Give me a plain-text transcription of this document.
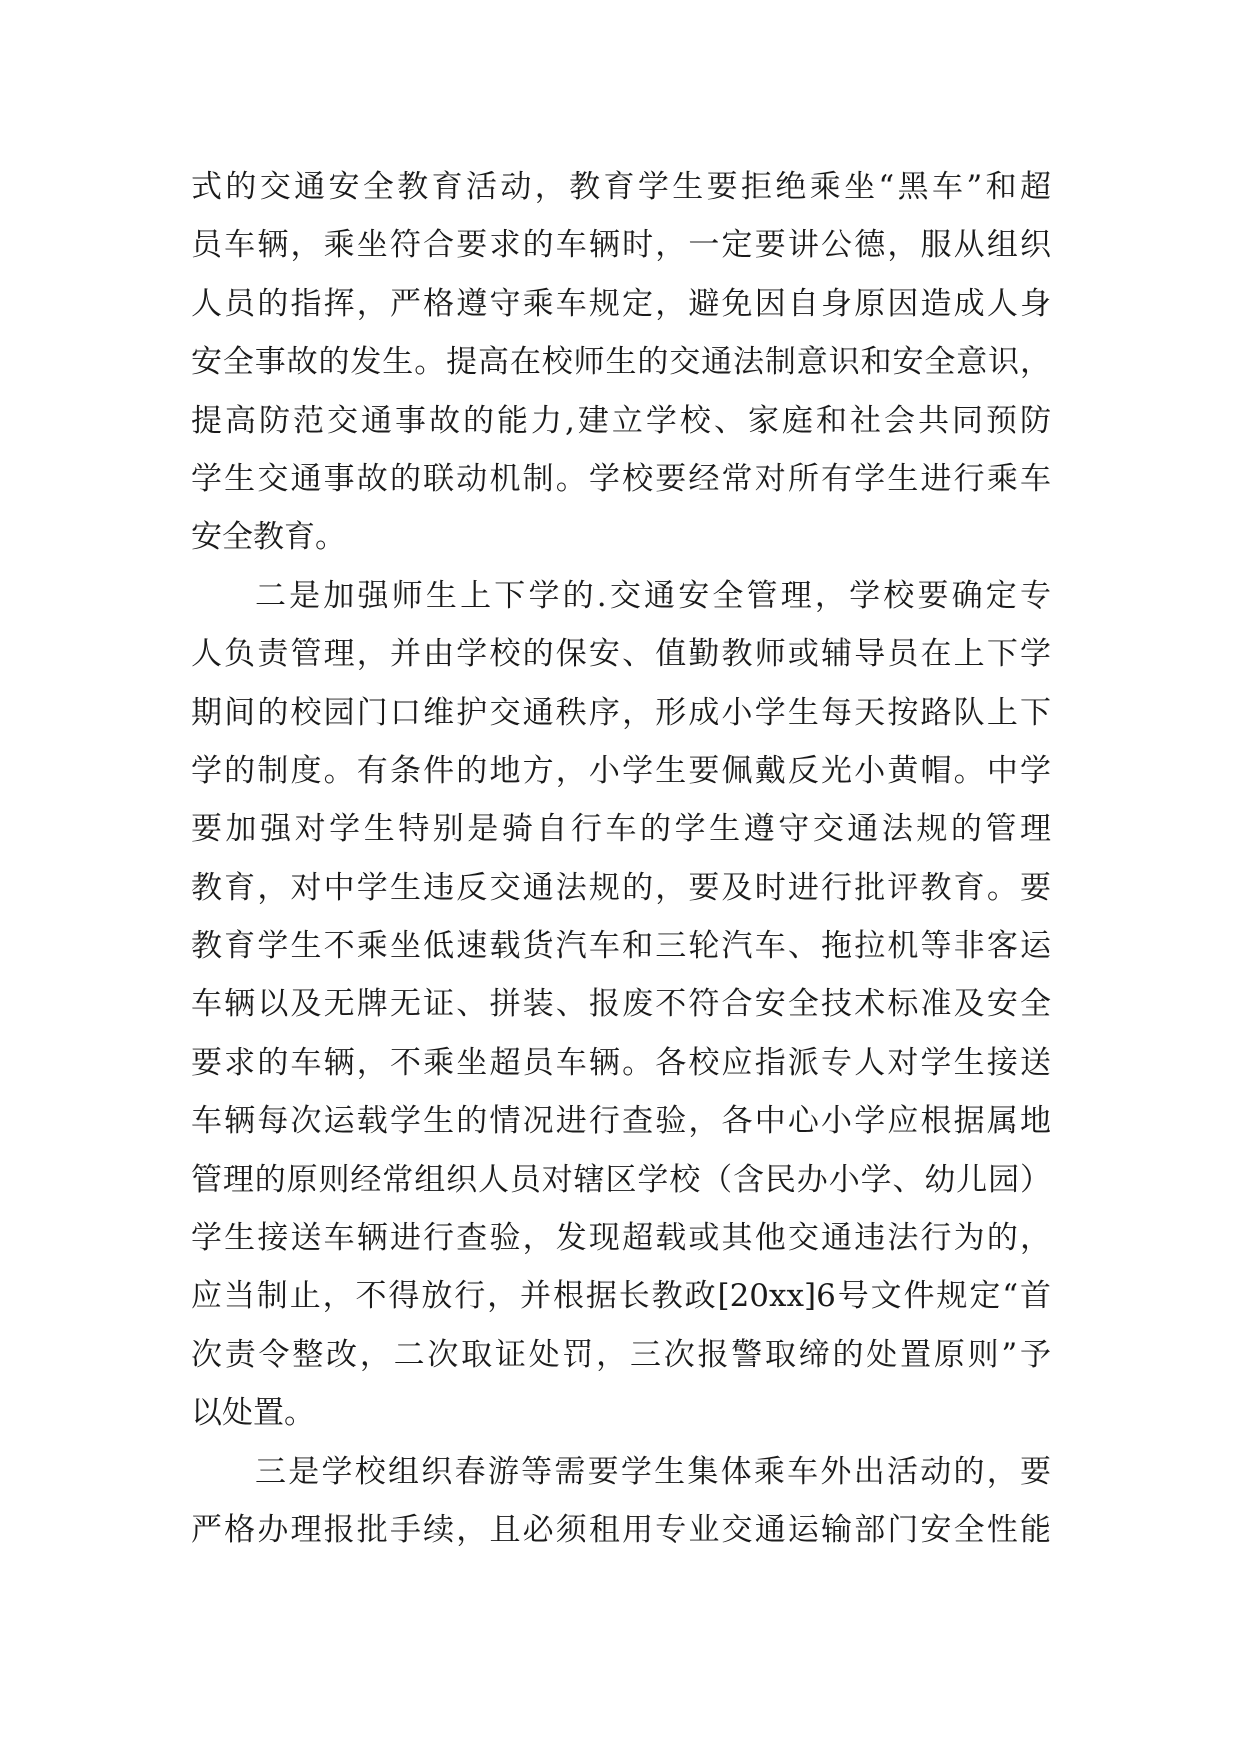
式的交通安全教育活动，教育学生要拒绝乘坐“黑车”和超
员车辆，乘坐符合要求的车辆时，一定要讲公德，服从组织
人员的指挥，严格遵守乘车规定，避免因自身原因造成人身
安全事故的发生。提高在校师生的交通法制意识和安全意识，
提高防范交通事故的能力,建立学校、家庭和社会共同预防
学生交通事故的联动机制。学校要经常对所有学生进行乘车
安全教育。
二是加强师生上下学的.交通安全管理，学校要确定专
人负责管理，并由学校的保安、值勤教师或辅导员在上下学
期间的校园门口维护交通秩序，形成小学生每天按路队上下
学的制度。有条件的地方，小学生要佩戴反光小黄帽。中学
要加强对学生特别是骑自行车的学生遵守交通法规的管理
教育，对中学生违反交通法规的，要及时进行批评教育。要
教育学生不乘坐低速载货汽车和三轮汽车、拖拉机等非客运
车辆以及无牌无证、拼装、报废不符合安全技术标准及安全
要求的车辆，不乘坐超员车辆。各校应指派专人对学生接送
车辆每次运载学生的情况进行查验，各中心小学应根据属地
管理的原则经常组织人员对辖区学校（含民办小学、幼儿园）
学生接送车辆进行查验，发现超载或其他交通违法行为的，
应当制止，不得放行，并根据长教政[20xx]6号文件规定“首
次责令整改，二次取证处罚，三次报警取缔的处置原则”予
以处置。
三是学校组织春游等需要学生集体乘车外出活动的，要
严格办理报批手续，且必须租用专业交通运输部门安全性能
